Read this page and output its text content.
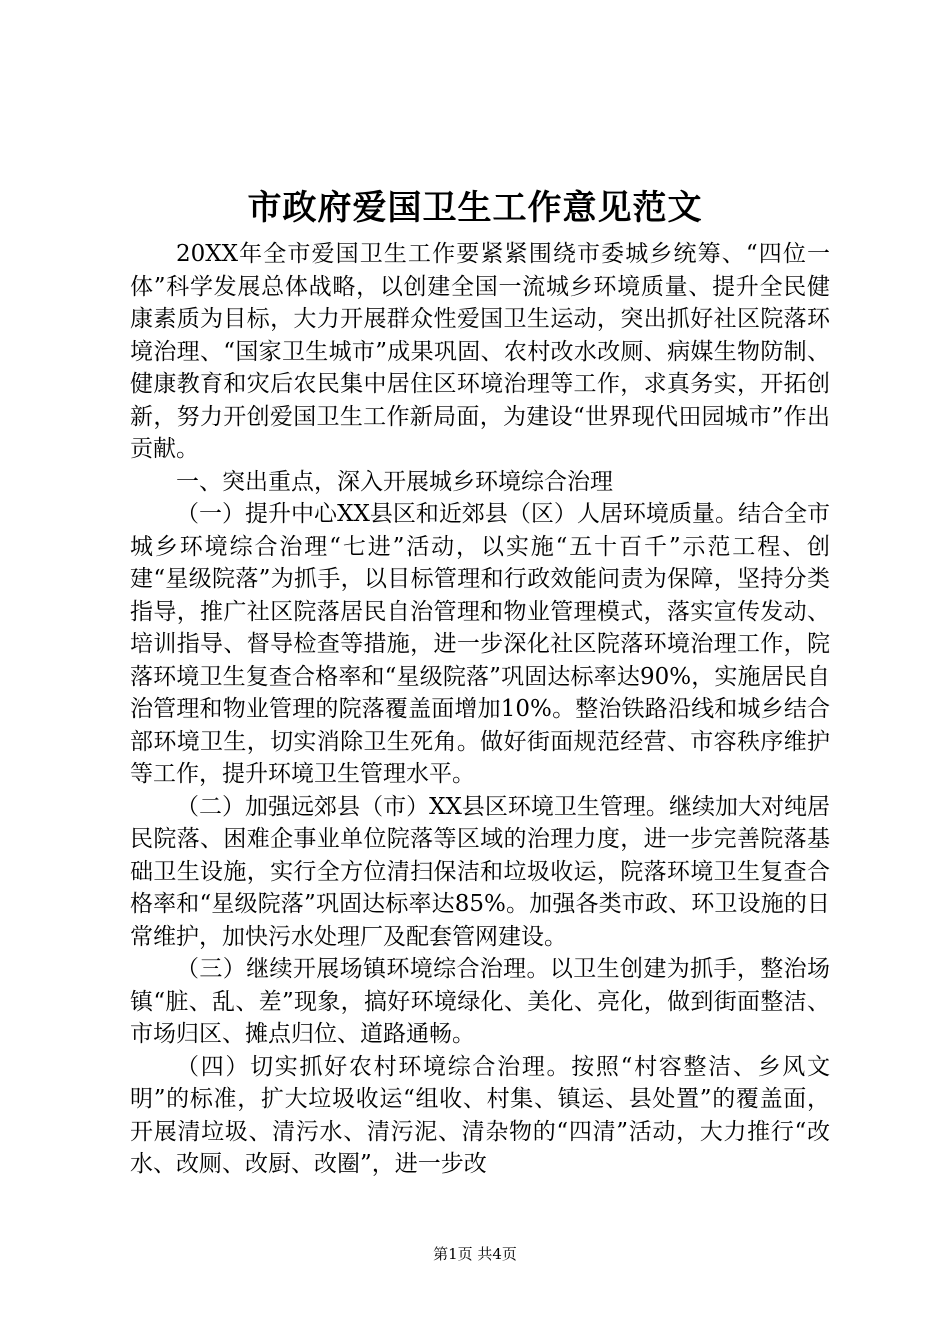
市政府爱国卫生工作意见范文

20XX年全市爱国卫生工作要紧紧围绕市委城乡统筹、“四位一体”科学发展总体战略，以创建全国一流城乡环境质量、提升全民健康素质为目标，大力开展群众性爱国卫生运动，突出抓好社区院落环境治理、“国家卫生城市”成果巩固、农村改水改厕、病媒生物防制、健康教育和灾后农民集中居住区环境治理等工作，求真务实，开拓创新，努力开创爱国卫生工作新局面，为建设“世界现代田园城市”作出贡献。

一、突出重点，深入开展城乡环境综合治理

（一）提升中心XX县区和近郊县（区）人居环境质量。结合全市城乡环境综合治理“七进”活动，以实施“五十百千”示范工程、创建“星级院落”为抓手，以目标管理和行政效能问责为保障，坚持分类指导，推广社区院落居民自治管理和物业管理模式，落实宣传发动、培训指导、督导检查等措施，进一步深化社区院落环境治理工作，院落环境卫生复查合格率和“星级院落”巩固达标率达90%，实施居民自治管理和物业管理的院落覆盖面增加10%。整治铁路沿线和城乡结合部环境卫生，切实消除卫生死角。做好街面规范经营、市容秩序维护等工作，提升环境卫生管理水平。

（二）加强远郊县（市）XX县区环境卫生管理。继续加大对纯居民院落、困难企事业单位院落等区域的治理力度，进一步完善院落基础卫生设施，实行全方位清扫保洁和垃圾收运，院落环境卫生复查合格率和“星级院落”巩固达标率达85%。加强各类市政、环卫设施的日常维护，加快污水处理厂及配套管网建设。

（三）继续开展场镇环境综合治理。以卫生创建为抓手，整治场镇“脏、乱、差”现象，搞好环境绿化、美化、亮化，做到街面整洁、市场归区、摊点归位、道路通畅。

（四）切实抓好农村环境综合治理。按照“村容整洁、乡风文明”的标准，扩大垃圾收运“组收、村集、镇运、县处置”的覆盖面，开展清垃圾、清污水、清污泥、清杂物的“四清”活动，大力推行“改水、改厕、改厨、改圈”，进一步改

第1页 共4页
